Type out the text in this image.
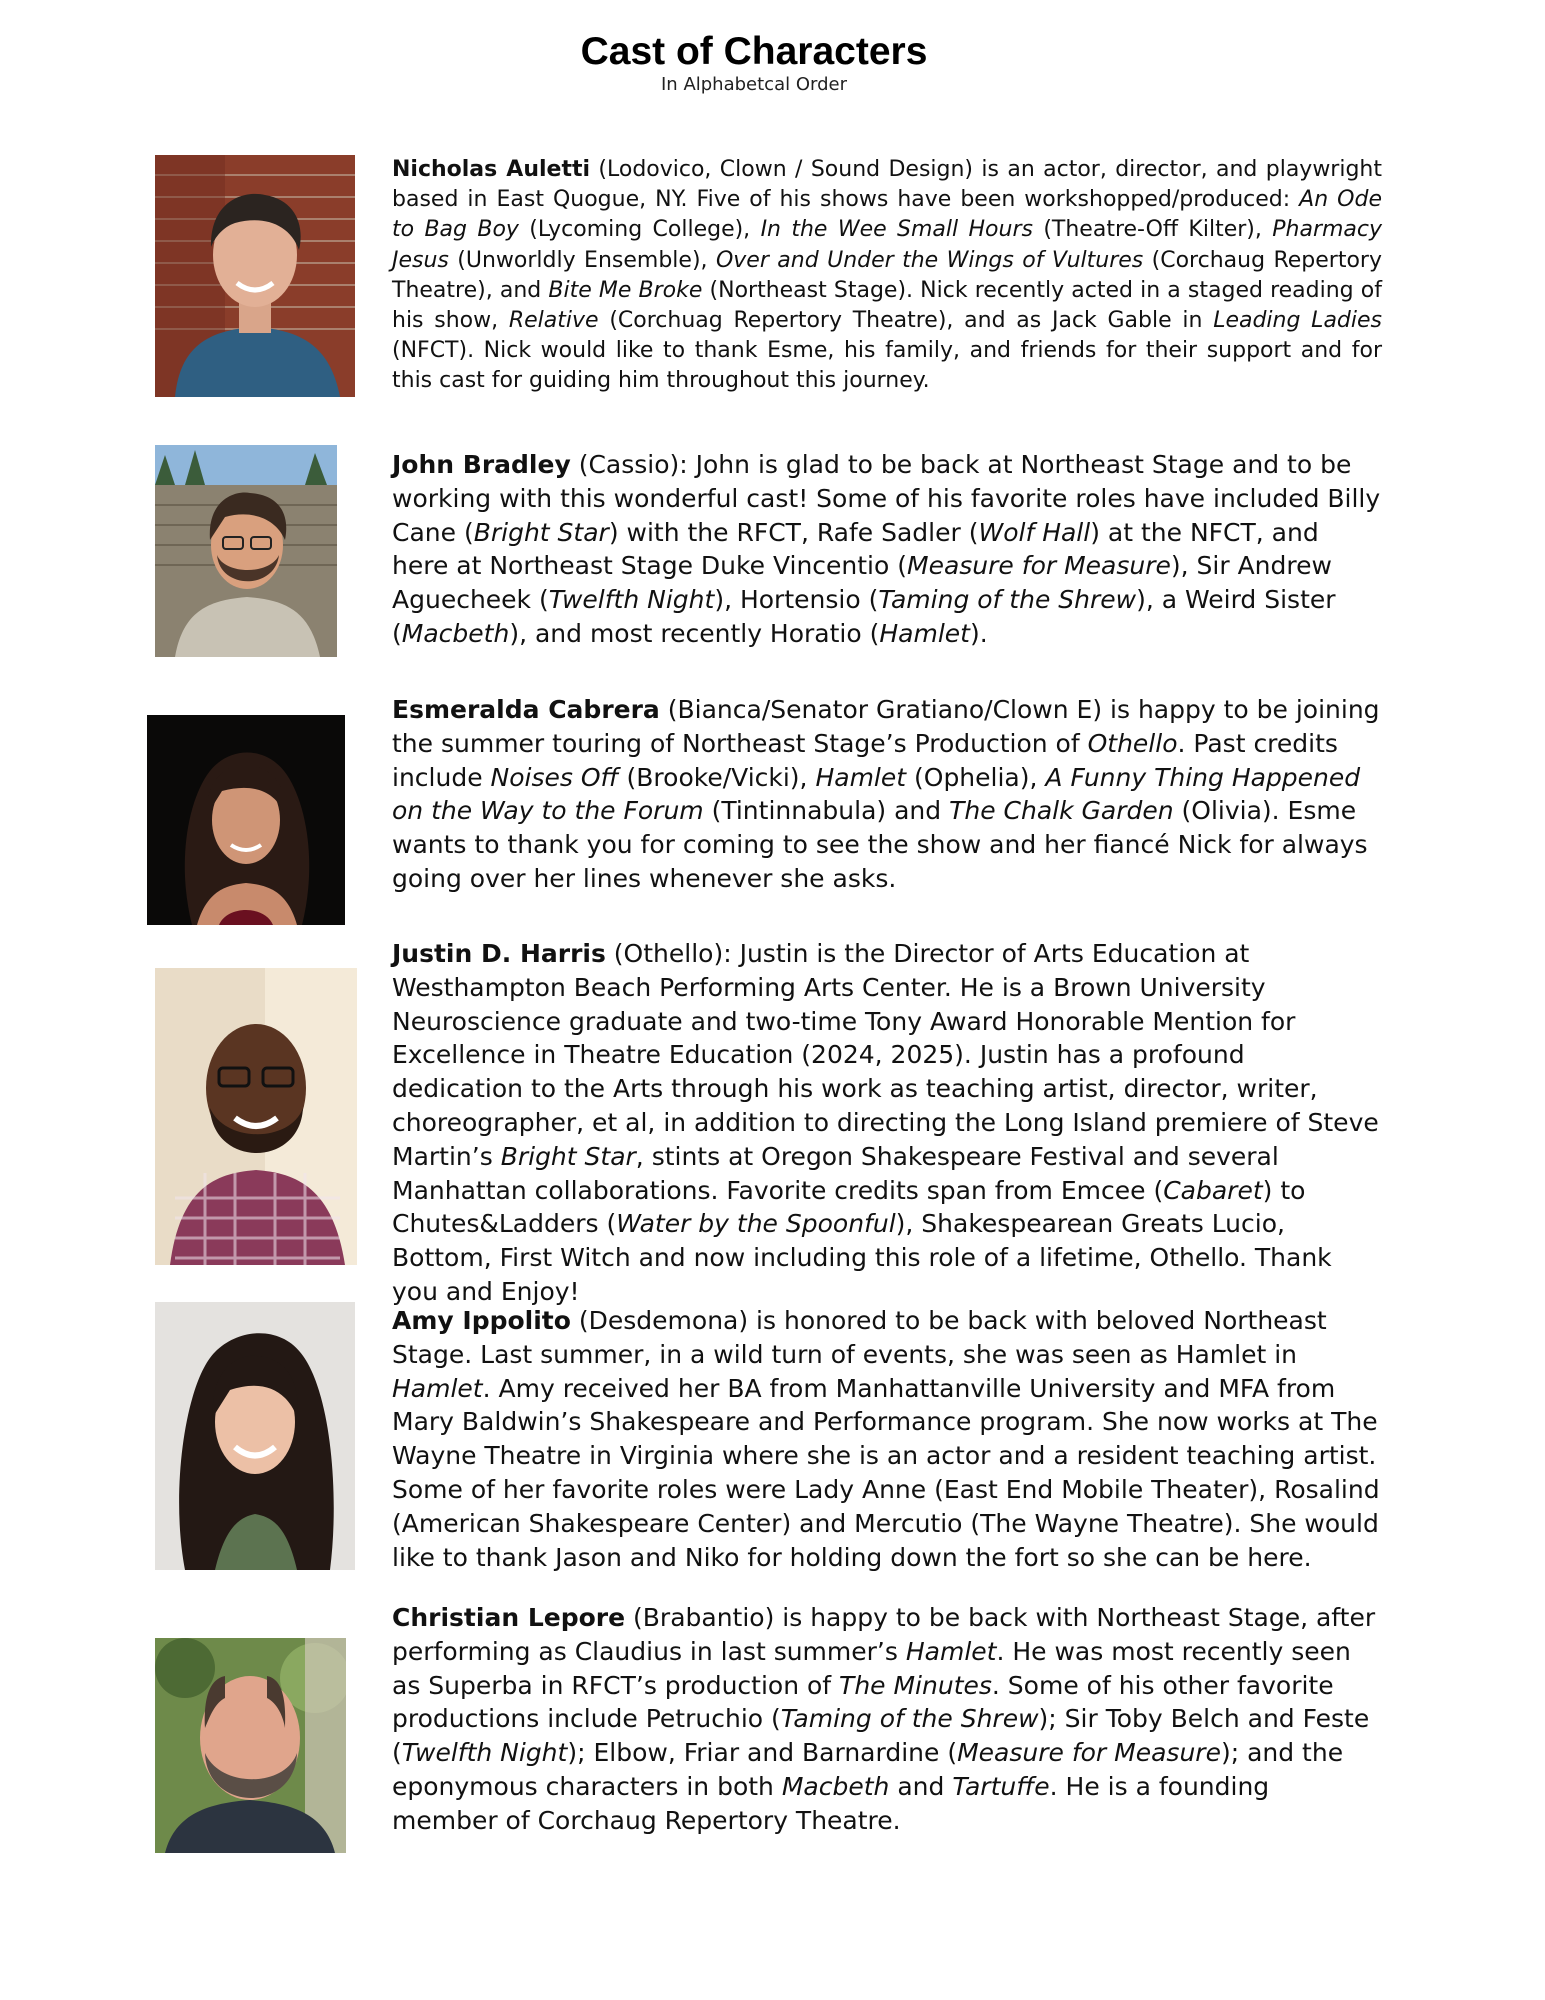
Cast of Characters
In Alphabetcal Order
Nicholas Auletti (Lodovico, Clown / Sound Design) is an actor, director, and playwright based in East Quogue, NY. Five of his shows have been workshopped/produced: An Ode to Bag Boy (Lycoming College), In the Wee Small Hours (Theatre-Off Kilter), Pharmacy Jesus (Unworldly Ensemble), Over and Under the Wings of Vultures (Corchaug Repertory Theatre), and Bite Me Broke (Northeast Stage). Nick recently acted in a staged reading of his show, Relative (Corchuag Repertory Theatre), and as Jack Gable in Leading Ladies (NFCT). Nick would like to thank Esme, his family, and friends for their support and for this cast for guiding him throughout this journey.
John Bradley (Cassio): John is glad to be back at Northeast Stage and to be working with this wonderful cast! Some of his favorite roles have included Billy Cane (Bright Star) with the RFCT, Rafe Sadler (Wolf Hall) at the NFCT, and here at Northeast Stage Duke Vincentio (Measure for Measure), Sir Andrew Aguecheek (Twelfth Night), Hortensio (Taming of the Shrew), a Weird Sister (Macbeth), and most recently Horatio (Hamlet).
Esmeralda Cabrera (Bianca/Senator Gratiano/Clown E) is happy to be joining the summer touring of Northeast Stage’s Production of Othello. Past credits include Noises Off (Brooke/Vicki), Hamlet (Ophelia), A Funny Thing Happened on the Way to the Forum (Tintinnabula) and The Chalk Garden (Olivia). Esme wants to thank you for coming to see the show and her fiancé Nick for always going over her lines whenever she asks.
Justin D. Harris (Othello): Justin is the Director of Arts Education at Westhampton Beach Performing Arts Center. He is a Brown University Neuroscience graduate and two-time Tony Award Honorable Mention for Excellence in Theatre Education (2024, 2025). Justin has a profound dedication to the Arts through his work as teaching artist, director, writer, choreographer, et al, in addition to directing the Long Island premiere of Steve Martin’s Bright Star, stints at Oregon Shakespeare Festival and several Manhattan collaborations. Favorite credits span from Emcee (Cabaret) to Chutes&Ladders (Water by the Spoonful), Shakespearean Greats Lucio, Bottom, First Witch and now including this role of a lifetime, Othello. Thank you and Enjoy!
Amy Ippolito (Desdemona) is honored to be back with beloved Northeast Stage. Last summer, in a wild turn of events, she was seen as Hamlet in Hamlet. Amy received her BA from Manhattanville University and MFA from Mary Baldwin’s Shakespeare and Performance program. She now works at The Wayne Theatre in Virginia where she is an actor and a resident teaching artist. Some of her favorite roles were Lady Anne (East End Mobile Theater), Rosalind (American Shakespeare Center) and Mercutio (The Wayne Theatre). She would like to thank Jason and Niko for holding down the fort so she can be here.
Christian Lepore (Brabantio) is happy to be back with Northeast Stage, after performing as Claudius in last summer’s Hamlet. He was most recently seen as Superba in RFCT’s production of The Minutes. Some of his other favorite productions include Petruchio (Taming of the Shrew); Sir Toby Belch and Feste (Twelfth Night); Elbow, Friar and Barnardine (Measure for Measure); and the eponymous characters in both Macbeth and Tartuffe. He is a founding member of Corchaug Repertory Theatre.
